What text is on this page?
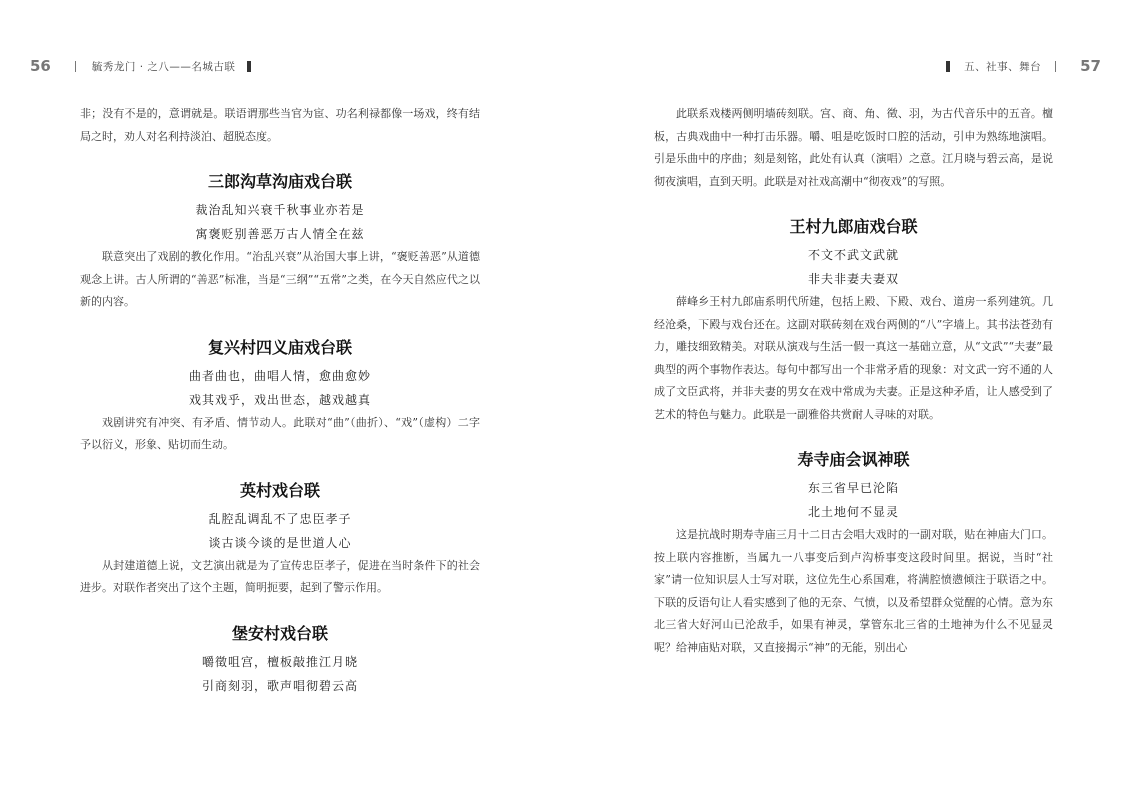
56	毓秀龙门 · 之八——名城古联

非；没有不是的，意谓就是。联语谓那些当官为宦、功名利禄都像一场戏，终有结局之时，劝人对名利持淡泊、超脱态度。

三郎沟草沟庙戏台联
裁治乱知兴衰千秋事业亦若是
寓褒贬别善恶万古人情全在兹

联意突出了戏剧的教化作用。“治乱兴衰”从治国大事上讲，“褒贬善恶”从道德观念上讲。古人所谓的“善恶”标准，当是“三纲”“五常”之类，在今天自然应代之以新的内容。

复兴村四义庙戏台联
曲者曲也，曲唱人情，愈曲愈妙
戏其戏乎，戏出世态，越戏越真

戏剧讲究有冲突、有矛盾、情节动人。此联对“曲”（曲折）、“戏”（虚构）二字予以衍义，形象、贴切而生动。

英村戏台联
乱腔乱调乱不了忠臣孝子
谈古谈今谈的是世道人心

从封建道德上说，文艺演出就是为了宣传忠臣孝子，促进在当时条件下的社会进步。对联作者突出了这个主题，简明扼要，起到了警示作用。

堡安村戏台联
嚼徵咀宫，檀板敲推江月晓
引商刻羽，歌声唱彻碧云高
五、社事、舞台	57

此联系戏楼两侧明墙砖刻联。宫、商、角、徵、羽，为古代音乐中的五音。檀板，古典戏曲中一种打击乐器。嚼、咀是吃饭时口腔的活动，引申为熟练地演唱。引是乐曲中的序曲；刻是刻铭，此处有认真（演唱）之意。江月晓与碧云高，是说彻夜演唱，直到天明。此联是对社戏高潮中“彻夜戏”的写照。

王村九郎庙戏台联
不文不武文武就
非夫非妻夫妻双

薛峰乡王村九郎庙系明代所建，包括上殿、下殿、戏台、道房一系列建筑。几经沧桑，下殿与戏台还在。这副对联砖刻在戏台两侧的“八”字墙上。其书法苍劲有力，雕技细致精美。对联从演戏与生活一假一真这一基础立意，从“文武”“夫妻”最典型的两个事物作表达。每句中都写出一个非常矛盾的现象：对文武一窍不通的人成了文臣武将，并非夫妻的男女在戏中常成为夫妻。正是这种矛盾，让人感受到了艺术的特色与魅力。此联是一副雅俗共赏耐人寻味的对联。

寿寺庙会讽神联
东三省早已沦陷
北土地何不显灵

这是抗战时期寿寺庙三月十二日古会唱大戏时的一副对联，贴在神庙大门口。按上联内容推断，当属九一八事变后到卢沟桥事变这段时间里。据说，当时“社家”请一位知识层人士写对联，这位先生心系国难，将满腔愤懑倾注于联语之中。下联的反语句让人看实感到了他的无奈、气愤，以及希望群众觉醒的心情。意为东北三省大好河山已沦敌手，如果有神灵，掌管东北三省的土地神为什么不见显灵呢？给神庙贴对联，又直接揭示“神”的无能，别出心
